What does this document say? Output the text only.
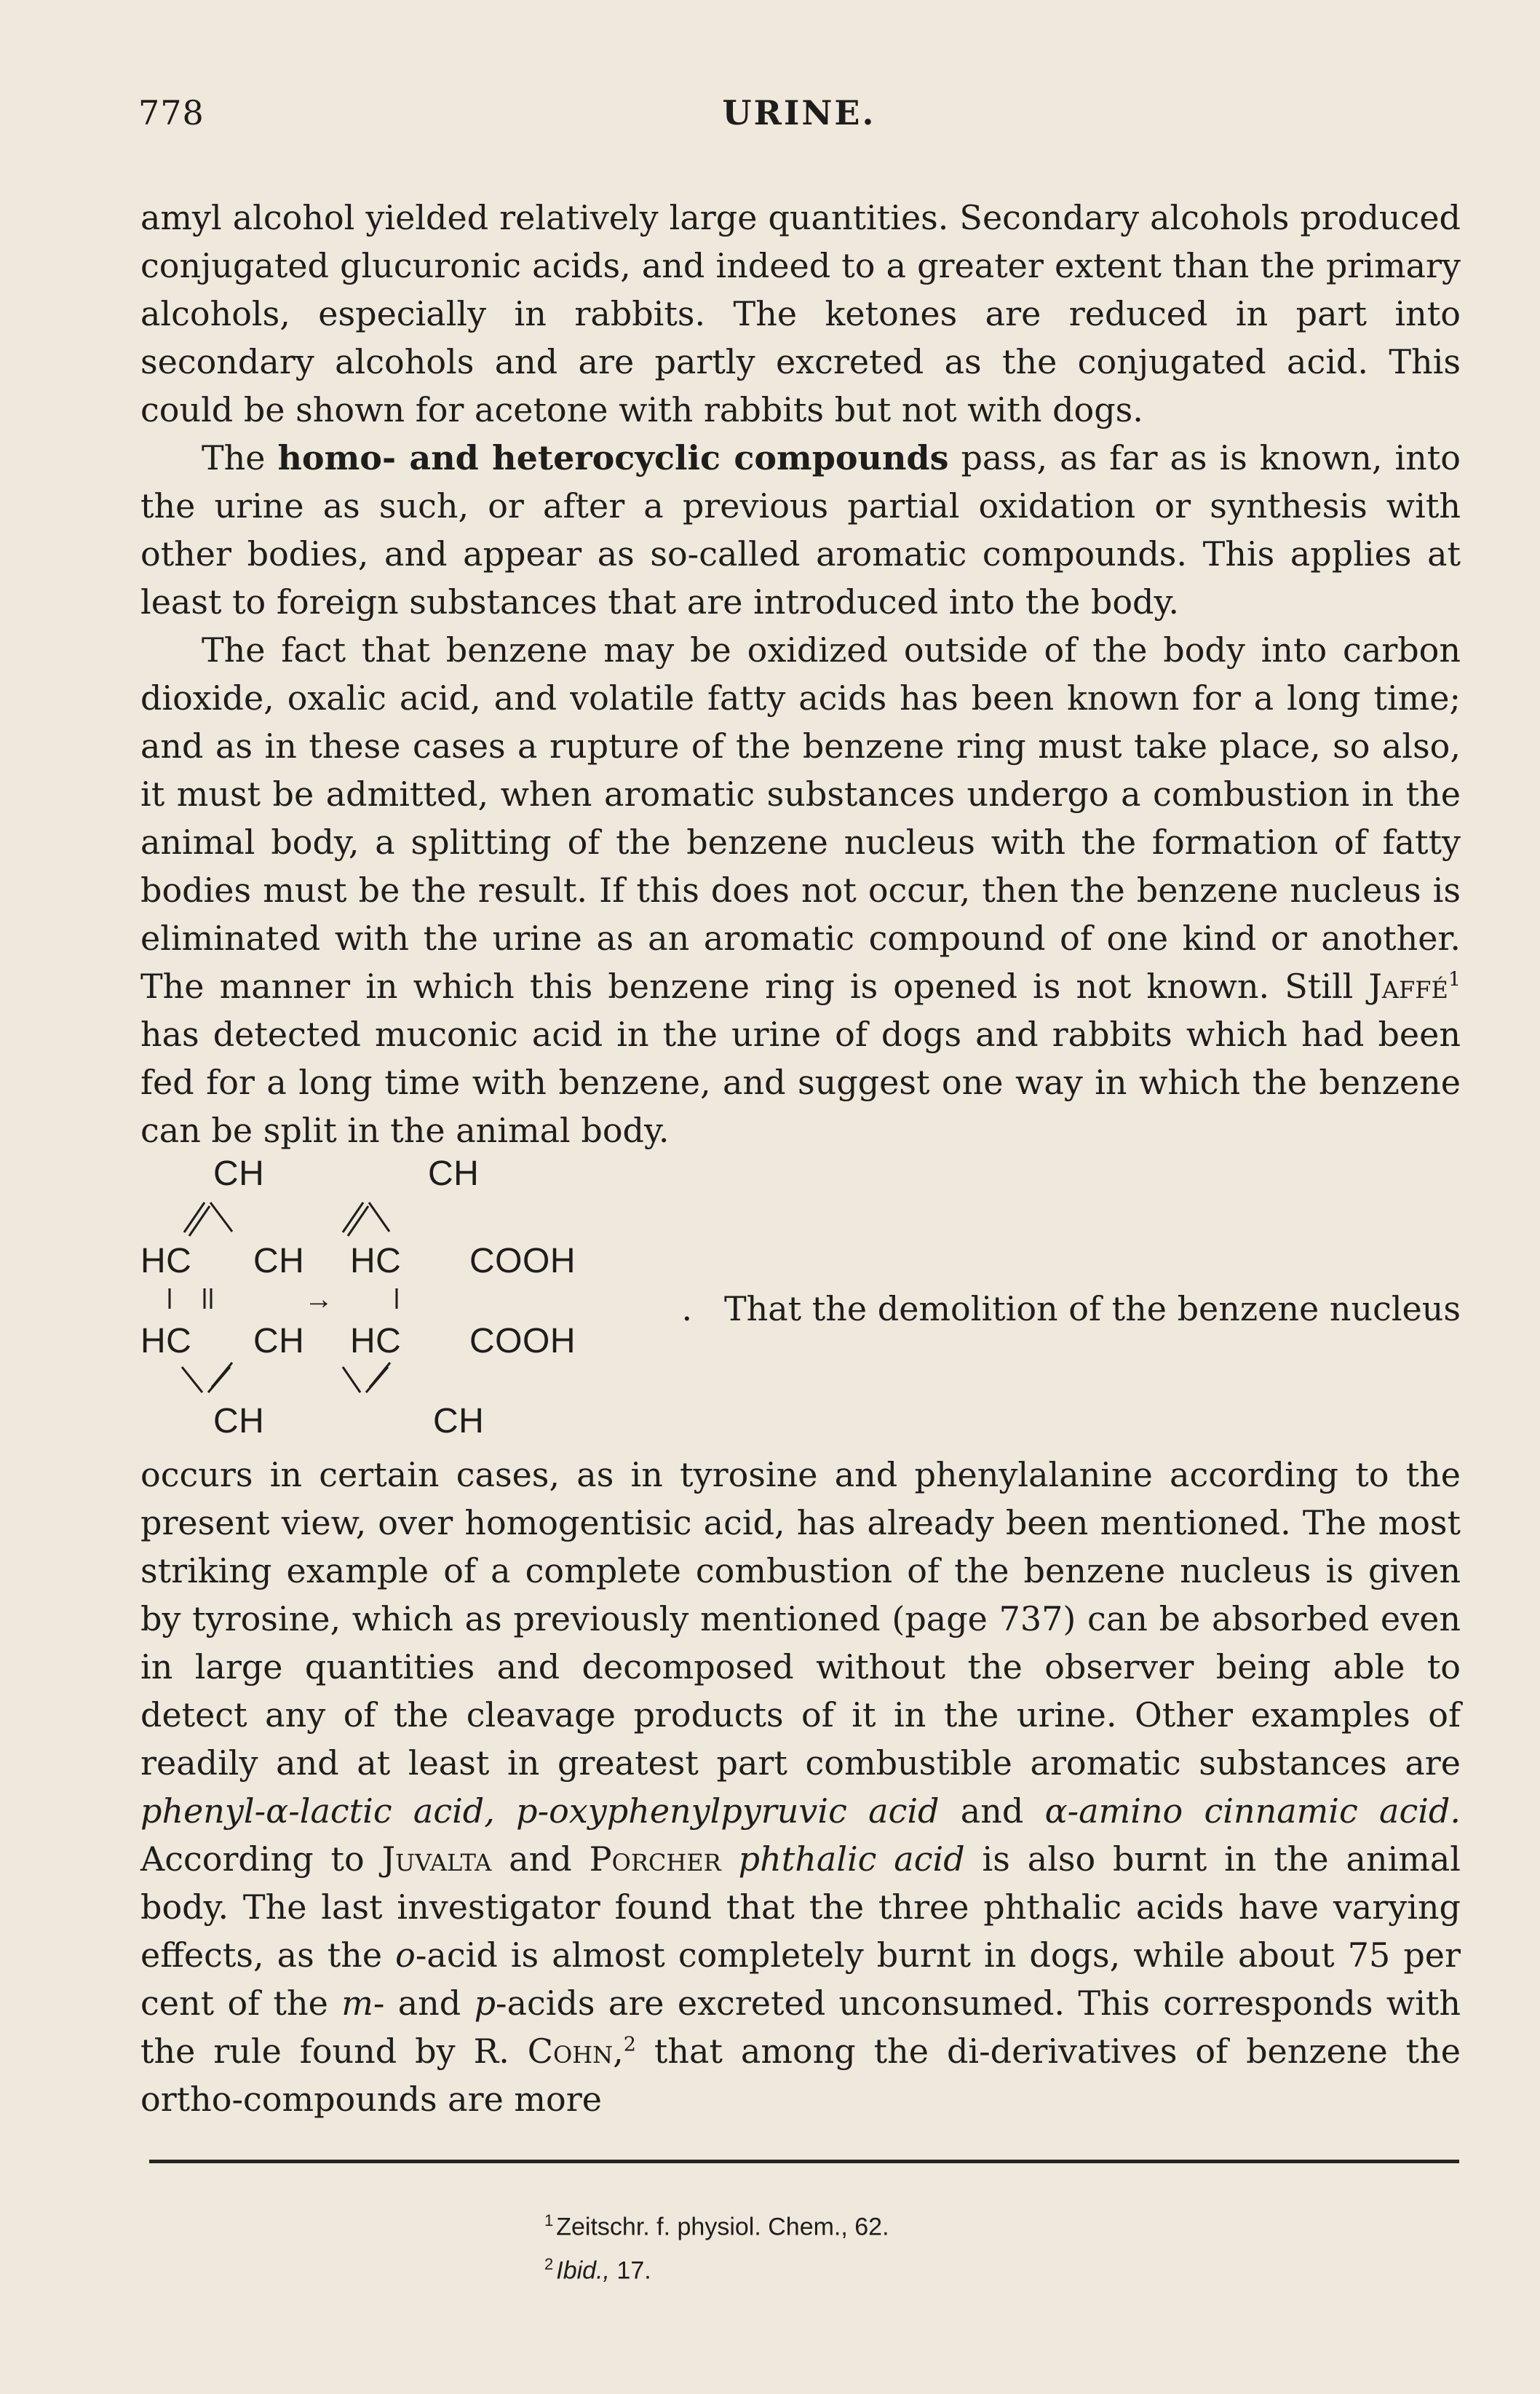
778	URINE.

amyl alcohol yielded relatively large quantities. Secondary alcohols produced conjugated glucuronic acids, and indeed to a greater extent than the primary alcohols, especially in rabbits. The ketones are reduced in part into secondary alcohols and are partly excreted as the conjugated acid. This could be shown for acetone with rabbits but not with dogs.

The homo- and heterocyclic compounds pass, as far as is known, into the urine as such, or after a previous partial oxidation or synthesis with other bodies, and appear as so-called aromatic compounds. This applies at least to foreign substances that are introduced into the body.

The fact that benzene may be oxidized outside of the body into carbon dioxide, oxalic acid, and volatile fatty acids has been known for a long time; and as in these cases a rupture of the benzene ring must take place, so also, it must be admitted, when aromatic substances undergo a combustion in the animal body, a splitting of the benzene nucleus with the formation of fatty bodies must be the result. If this does not occur, then the benzene nucleus is eliminated with the urine as an aromatic compound of one kind or another. The manner in which this benzene ring is opened is not known. Still Jaffé$^1$ has detected muconic acid in the urine of dogs and rabbits which had been fed for a long time with benzene, and suggest one way in which the benzene can be split in the animal body.

CH
HC CH
HC CH
CH
→
CH
HC COOH
HC COOH
CH
. That the demolition of the benzene nucleus

occurs in certain cases, as in tyrosine and phenylalanine according to the present view, over homogentisic acid, has already been mentioned. The most striking example of a complete combustion of the benzene nucleus is given by tyrosine, which as previously mentioned (page 737) can be absorbed even in large quantities and decomposed without the observer being able to detect any of the cleavage products of it in the urine. Other examples of readily and at least in greatest part combustible aromatic substances are phenyl-α-lactic acid, p-oxyphenylpyruvic acid and α-amino cinnamic acid. According to Juvalta and Porcher phthalic acid is also burnt in the animal body. The last investigator found that the three phthalic acids have varying effects, as the o-acid is almost completely burnt in dogs, while about 75 per cent of the m- and p-acids are excreted unconsumed. This corresponds with the rule found by R. Cohn,$^2$ that among the di-derivatives of benzene the ortho-compounds are more

$^1$ Zeitschr. f. physiol. Chem., 62.
$^2$ Ibid., 17.
